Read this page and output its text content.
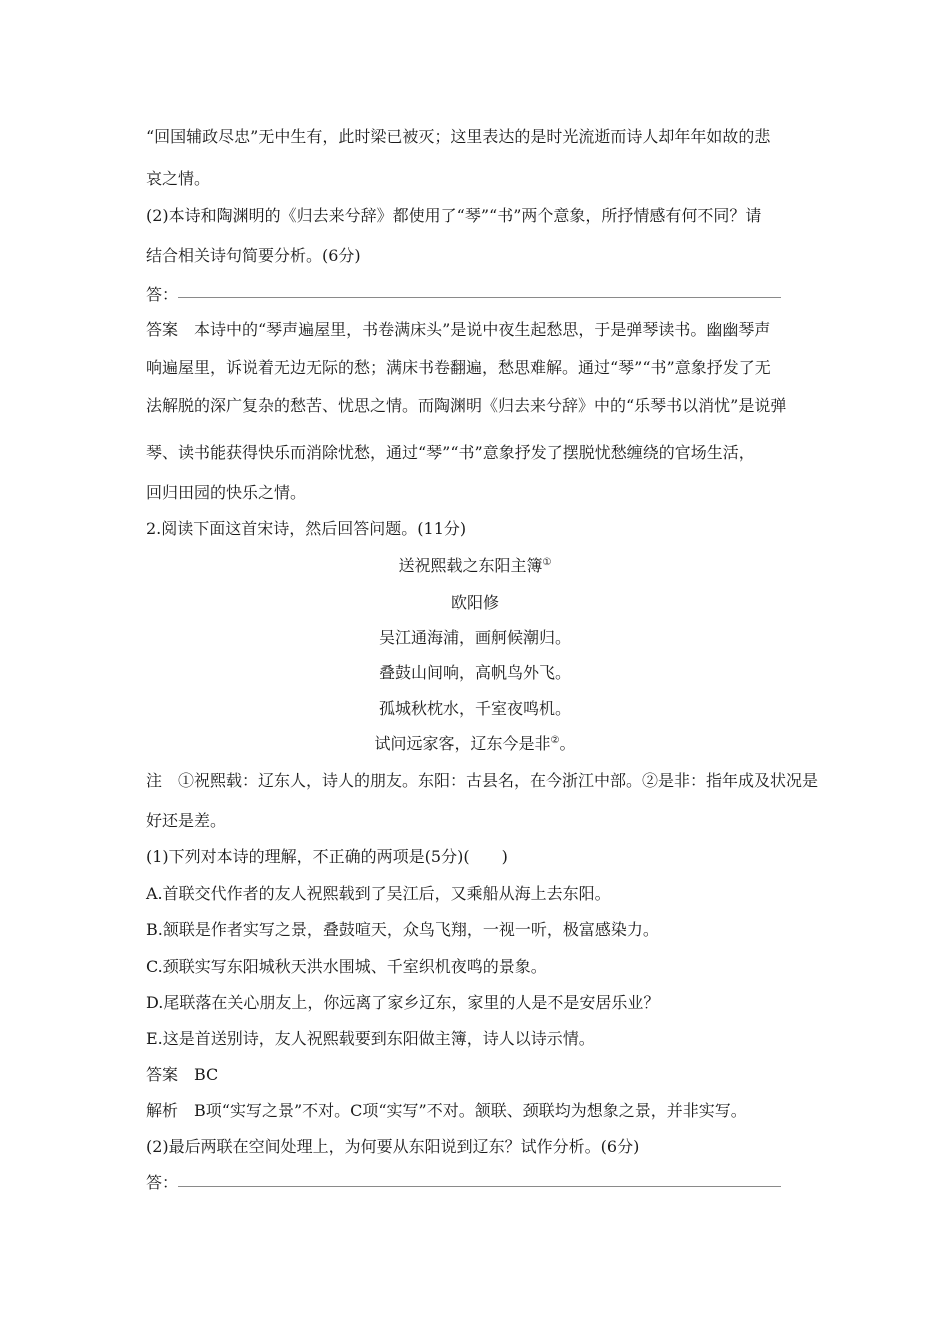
“回国辅政尽忠”无中生有，此时梁已被灭；这里表达的是时光流逝而诗人却年年如故的悲
哀之情。
(2)本诗和陶渊明的《归去来兮辞》都使用了“琴”“书”两个意象，所抒情感有何不同？请
结合相关诗句简要分析。(6分)
答：
答案　本诗中的“琴声遍屋里，书卷满床头”是说中夜生起愁思，于是弹琴读书。幽幽琴声
响遍屋里，诉说着无边无际的愁；满床书卷翻遍，愁思难解。通过“琴”“书”意象抒发了无
法解脱的深广复杂的愁苦、忧思之情。而陶渊明《归去来兮辞》中的“乐琴书以消忧”是说弹
琴、读书能获得快乐而消除忧愁，通过“琴”“书”意象抒发了摆脱忧愁缠绕的官场生活，
回归田园的快乐之情。
2.阅读下面这首宋诗，然后回答问题。(11分)
送祝熙载之东阳主簿①
欧阳修
吴江通海浦，画舸候潮归。
叠鼓山间响，高帆鸟外飞。
孤城秋枕水，千室夜鸣机。
试问远家客，辽东今是非②。
注　①祝熙载：辽东人，诗人的朋友。东阳：古县名，在今浙江中部。②是非：指年成及状况是
好还是差。
(1)下列对本诗的理解，不正确的两项是(5分)(　　)
A.首联交代作者的友人祝熙载到了吴江后，又乘船从海上去东阳。
B.颔联是作者实写之景，叠鼓喧天，众鸟飞翔，一视一听，极富感染力。
C.颈联实写东阳城秋天洪水围城、千室织机夜鸣的景象。
D.尾联落在关心朋友上，你远离了家乡辽东，家里的人是不是安居乐业？
E.这是首送别诗，友人祝熙载要到东阳做主簿，诗人以诗示情。
答案　BC
解析　B项“实写之景”不对。C项“实写”不对。颔联、颈联均为想象之景，并非实写。
(2)最后两联在空间处理上，为何要从东阳说到辽东？试作分析。(6分)
答：
